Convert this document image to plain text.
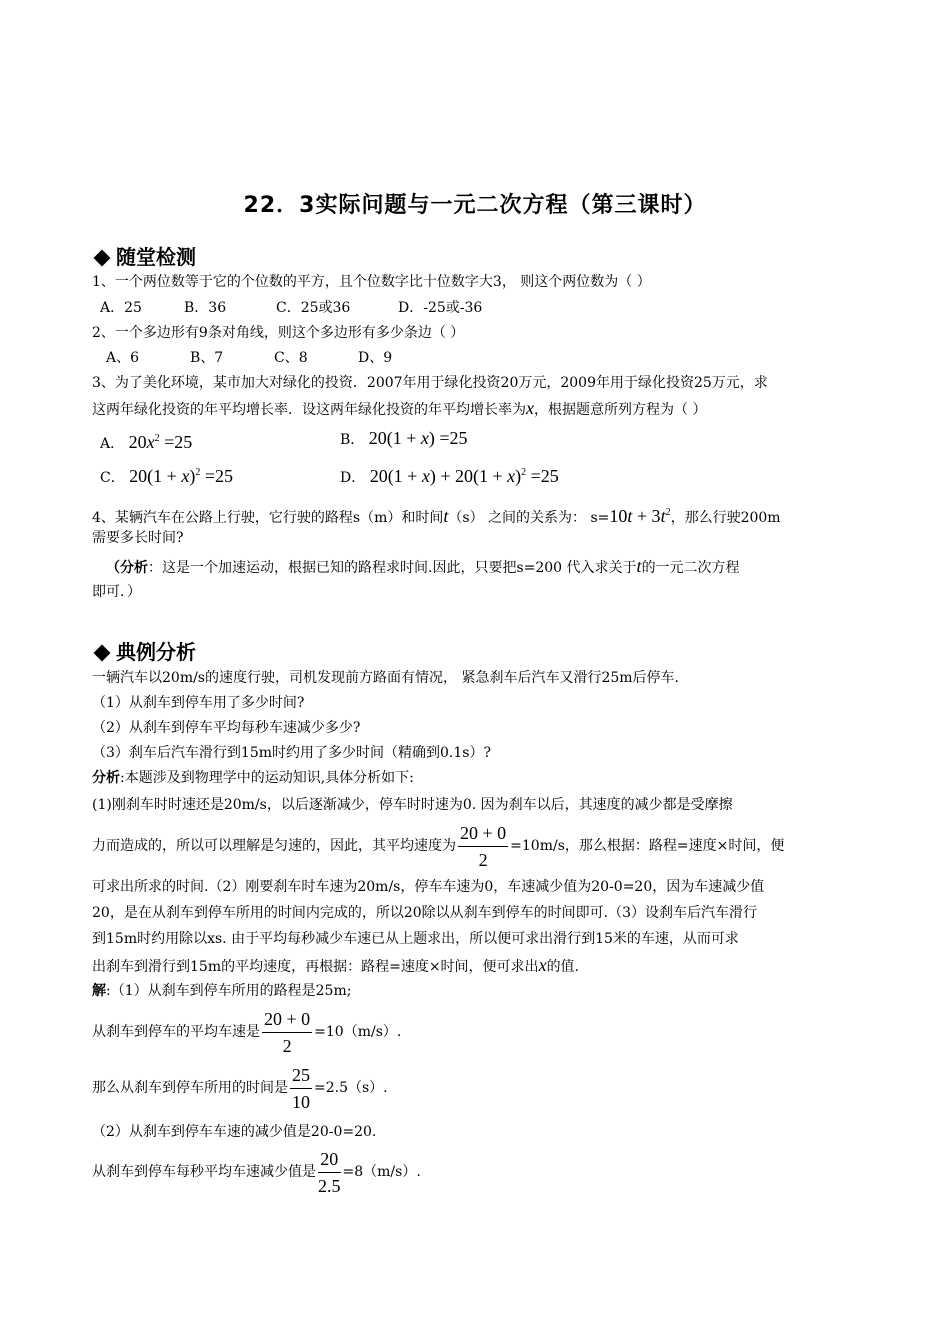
22．3实际问题与一元二次方程（第三课时）
随堂检测
1、一个两位数等于它的个位数的平方，且个位数字比十位数字大3， 则这个两位数为（ ）
A．25	B．36	C．25或36	D．-25或-36
2、一个多边形有9条对角线，则这个多边形有多少条边（ ）
A、6	B、7	C、8	D、9
3、为了美化环境，某市加大对绿化的投资．2007年用于绿化投资20万元，2009年用于绿化投资25万元，求
这两年绿化投资的年平均增长率．设这两年绿化投资的年平均增长率为x，根据题意所列方程为（ ）
A． $20x^2 =25$	B． 20(1 + x) =25
C． $20(1 + x)^2 =25$	D． $20(1 + x) + 20(1 + x)^2 =25$
4、某辆汽车在公路上行驶，它行驶的路程s（m）和时间t（s） 之间的关系为： $s=10t + 3t^2$，那么行驶200m
需要多长时间?
（分析：这是一个加速运动，根据已知的路程求时间.因此，只要把s=200 代入求关于t的一元二次方程
即可．）
典例分析
一辆汽车以20m/s的速度行驶，司机发现前方路面有情况， 紧急刹车后汽车又滑行25m后停车.
（1）从刹车到停车用了多少时间?
（2）从刹车到停车平均每秒车速减少多少?
（3）刹车后汽车滑行到15m时约用了多少时间（精确到0.1s）?
分析:本题涉及到物理学中的运动知识,具体分析如下:
(1)刚刹车时时速还是20m/s，以后逐渐减少，停车时时速为0. 因为刹车以后，其速度的减少都是受摩擦
力而造成的，所以可以理解是匀速的，因此，其平均速度为 $\frac{20 + 0}{2} =10m/s$，那么根据：路程=速度×时间，便
可求出所求的时间.（2）刚要刹车时车速为20m/s，停车车速为0，车速减少值为20-0=20，因为车速减少值
20，是在从刹车到停车所用的时间内完成的，所以20除以从刹车到停车的时间即可.（3）设刹车后汽车滑行
到15m时约用除以xs. 由于平均每秒减少车速已从上题求出，所以便可求出滑行到15米的车速，从而可求
出刹车到滑行到15m的平均速度，再根据：路程=速度×时间，便可求出x的值.
解:（1）从刹车到停车所用的路程是25m;
从刹车到停车的平均车速是 $\frac{20 + 0}{2} =10(m/s)$.
那么从刹车到停车所用的时间是 $\frac{25}{10} =2.5(s)$.
（2）从刹车到停车车速的减少值是20-0=20.
从刹车到停车每秒平均车速减少值是 $\frac{20}{2.5} =8(m/s)$.
